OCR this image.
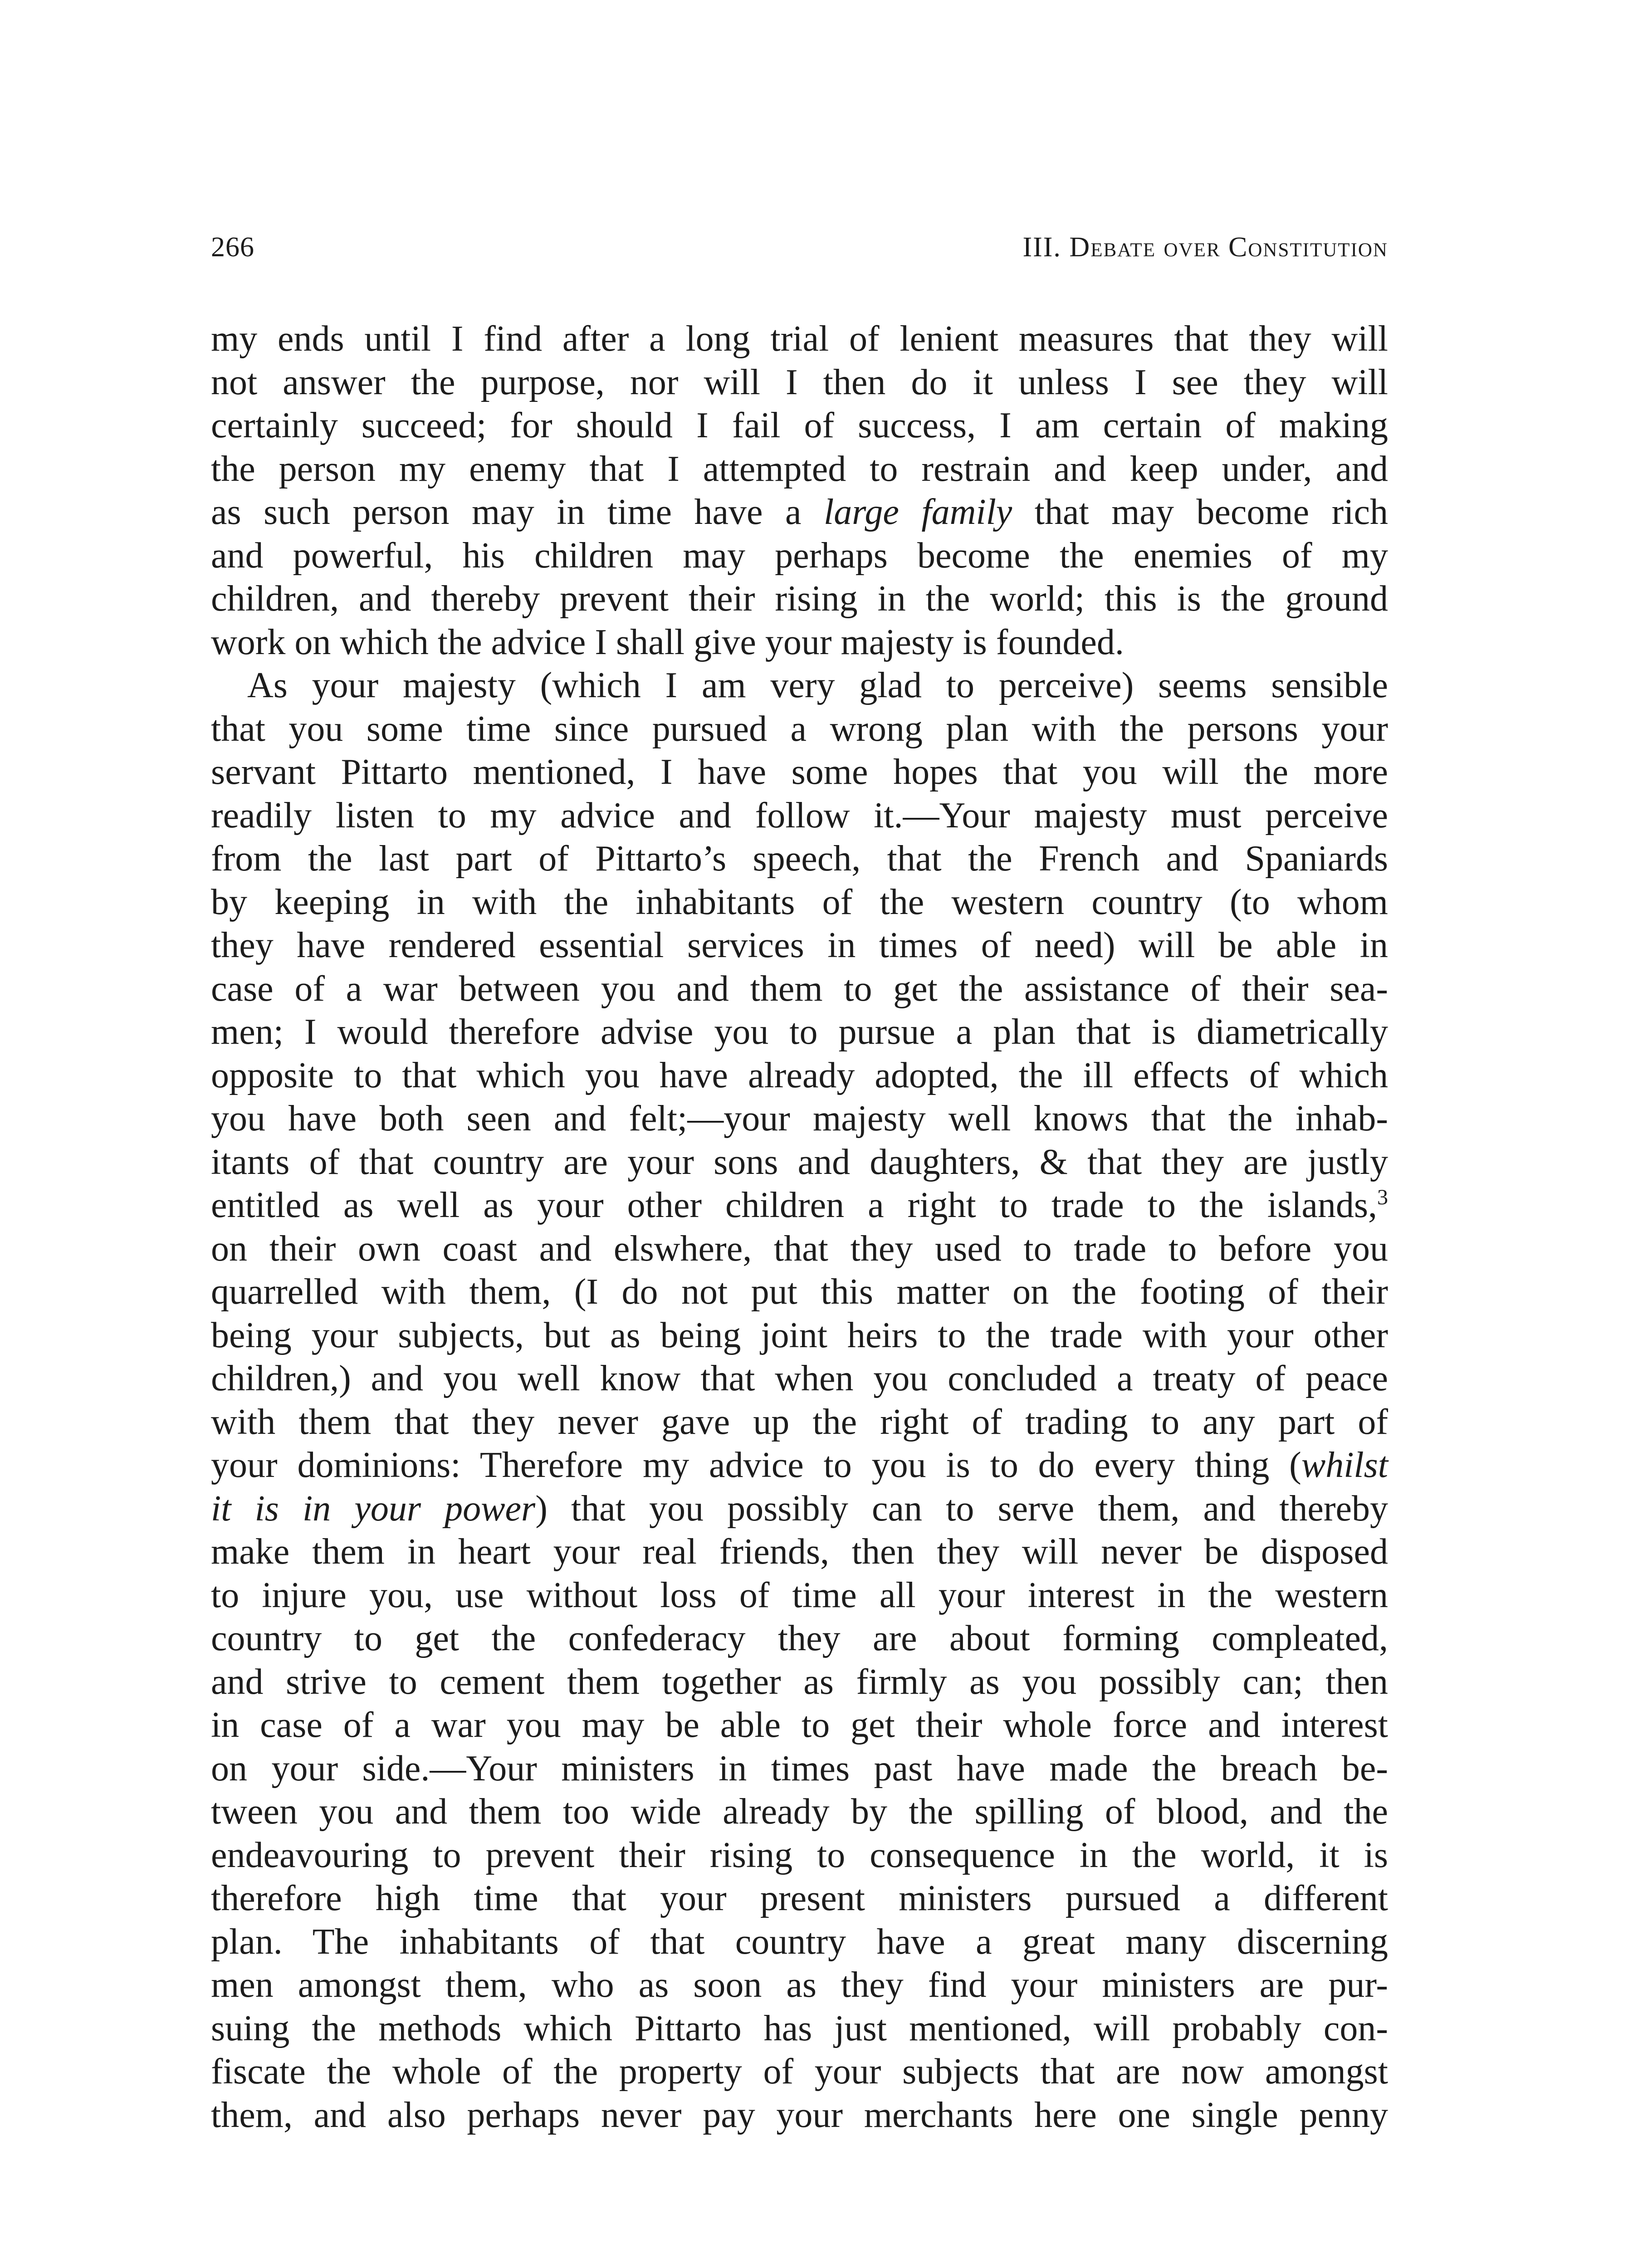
266	III. Debate over Constitution
my ends until I find after a long trial of lenient measures that they will
not answer the purpose, nor will I then do it unless I see they will
certainly succeed; for should I fail of success, I am certain of making
the person my enemy that I attempted to restrain and keep under, and
as such person may in time have a large family that may become rich
and powerful, his children may perhaps become the enemies of my
children, and thereby prevent their rising in the world; this is the ground
work on which the advice I shall give your majesty is founded.
As your majesty (which I am very glad to perceive) seems sensible
that you some time since pursued a wrong plan with the persons your
servant Pittarto mentioned, I have some hopes that you will the more
readily listen to my advice and follow it.—Your majesty must perceive
from the last part of Pittarto’s speech, that the French and Spaniards
by keeping in with the inhabitants of the western country (to whom
they have rendered essential services in times of need) will be able in
case of a war between you and them to get the assistance of their sea-
men; I would therefore advise you to pursue a plan that is diametrically
opposite to that which you have already adopted, the ill effects of which
you have both seen and felt;—your majesty well knows that the inhab-
itants of that country are your sons and daughters, & that they are justly
entitled as well as your other children a right to trade to the islands,$^3$
on their own coast and elswhere, that they used to trade to before you
quarrelled with them, (I do not put this matter on the footing of their
being your subjects, but as being joint heirs to the trade with your other
children,) and you well know that when you concluded a treaty of peace
with them that they never gave up the right of trading to any part of
your dominions: Therefore my advice to you is to do every thing (whilst
it is in your power) that you possibly can to serve them, and thereby
make them in heart your real friends, then they will never be disposed
to injure you, use without loss of time all your interest in the western
country to get the confederacy they are about forming compleated,
and strive to cement them together as firmly as you possibly can; then
in case of a war you may be able to get their whole force and interest
on your side.—Your ministers in times past have made the breach be-
tween you and them too wide already by the spilling of blood, and the
endeavouring to prevent their rising to consequence in the world, it is
therefore high time that your present ministers pursued a different
plan. The inhabitants of that country have a great many discerning
men amongst them, who as soon as they find your ministers are pur-
suing the methods which Pittarto has just mentioned, will probably con-
fiscate the whole of the property of your subjects that are now amongst
them, and also perhaps never pay your merchants here one single penny
